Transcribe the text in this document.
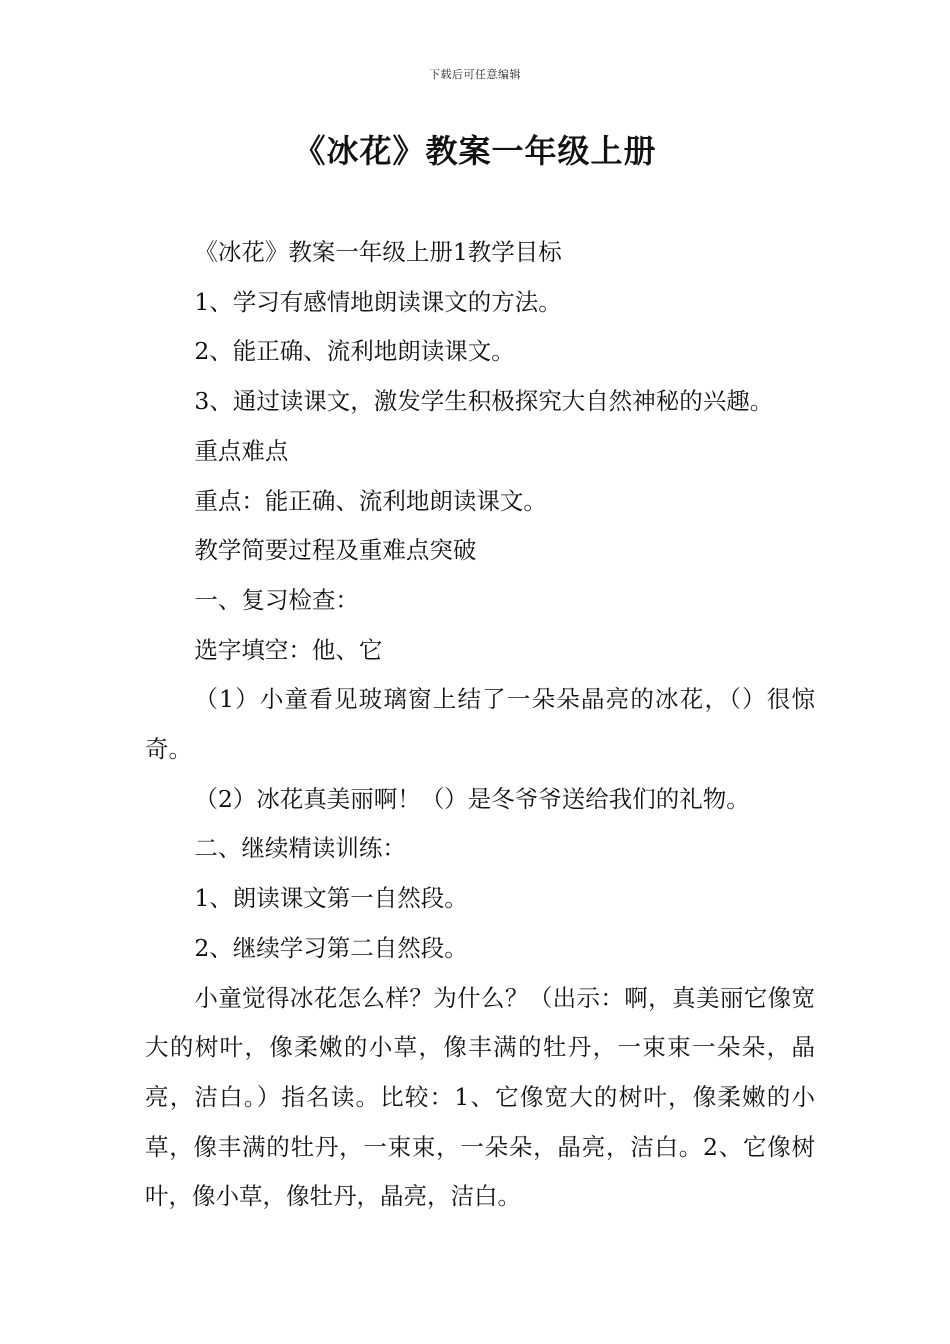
下载后可任意编辑
《冰花》教案一年级上册

《冰花》教案一年级上册1教学目标

1、学习有感情地朗读课文的方法。

2、能正确、流利地朗读课文。

3、通过读课文，激发学生积极探究大自然神秘的兴趣。

重点难点

重点：能正确、流利地朗读课文。

教学简要过程及重难点突破

一、复习检查：

选字填空：他、它

（1）小童看见玻璃窗上结了一朵朵晶亮的冰花，（）很惊奇。

（2）冰花真美丽啊！（）是冬爷爷送给我们的礼物。

二、继续精读训练：

1、朗读课文第一自然段。

2、继续学习第二自然段。

小童觉得冰花怎么样？为什么？（出示：啊，真美丽它像宽大的树叶，像柔嫩的小草，像丰满的牡丹，一束束一朵朵，晶亮，洁白。）指名读。比较：1、它像宽大的树叶，像柔嫩的小草，像丰满的牡丹，一束束，一朵朵，晶亮，洁白。2、它像树叶，像小草，像牡丹，晶亮，洁白。
